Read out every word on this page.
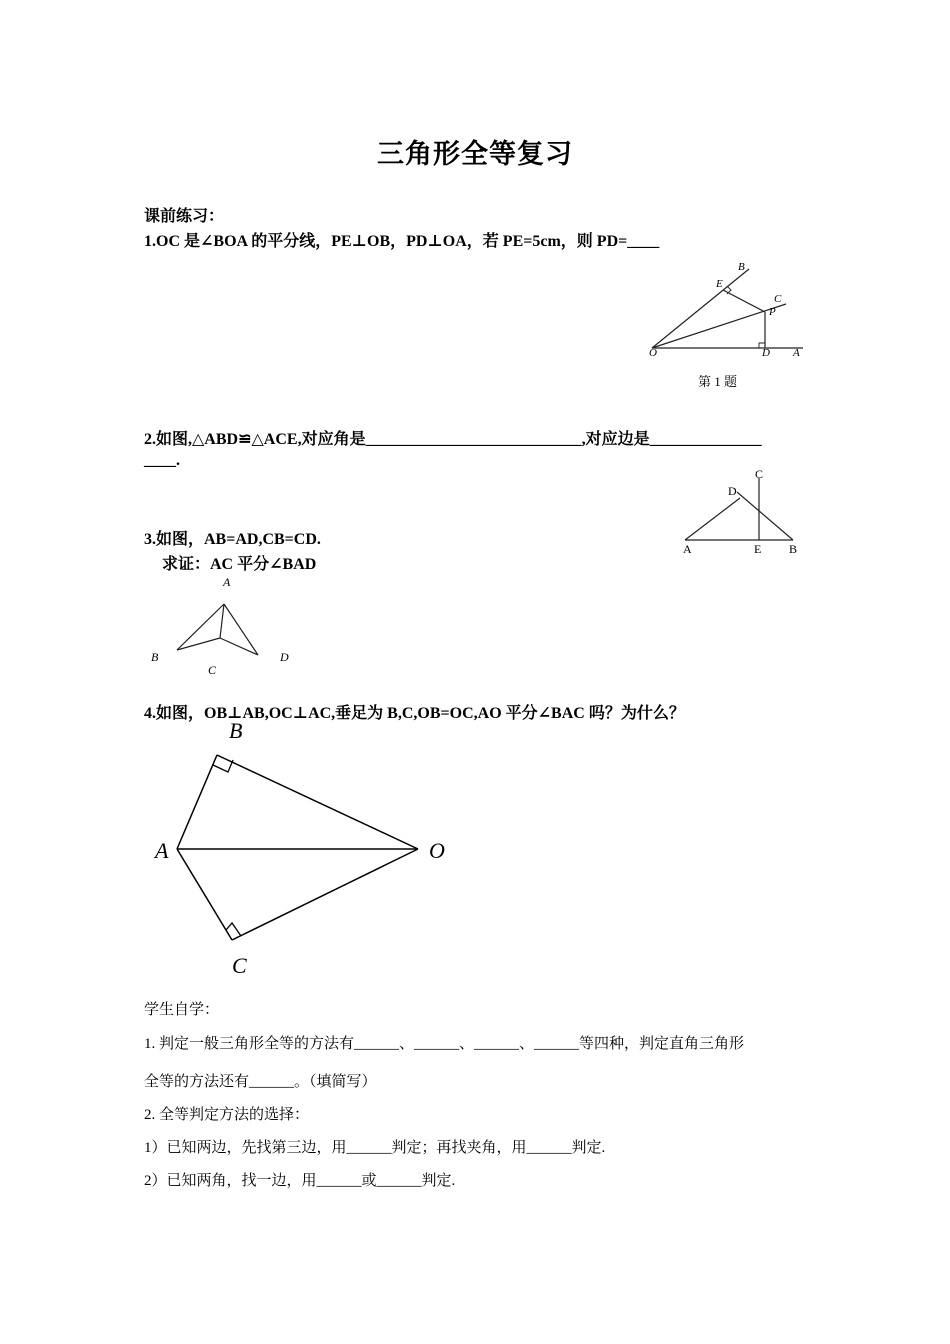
三角形全等复习
课前练习：
1.OC 是∠BOA 的平分线，PE⊥OB，PD⊥OA，若 PE=5cm，则 PD=____
B
E
C
P
O	D A
第 1 题
2.如图,△ABD≌△ACE,对应角是___________________________,对应边是______________
____.
C
D
A	E B
3.如图，AB=AD,CB=CD.
求证：AC 平分∠BAD
A
B
C
D
4.如图，OB⊥AB,OC⊥AC,垂足为 B,C,OB=OC,AO 平分∠BAC 吗？为什么？
B
A	O
C
学生自学：
1. 判定一般三角形全等的方法有______、______、______、______等四种，判定直角三角形
全等的方法还有______。（填简写）
2. 全等判定方法的选择：
1）已知两边，先找第三边，用______判定；再找夹角，用______判定.
2）已知两角，找一边，用______或______判定.
